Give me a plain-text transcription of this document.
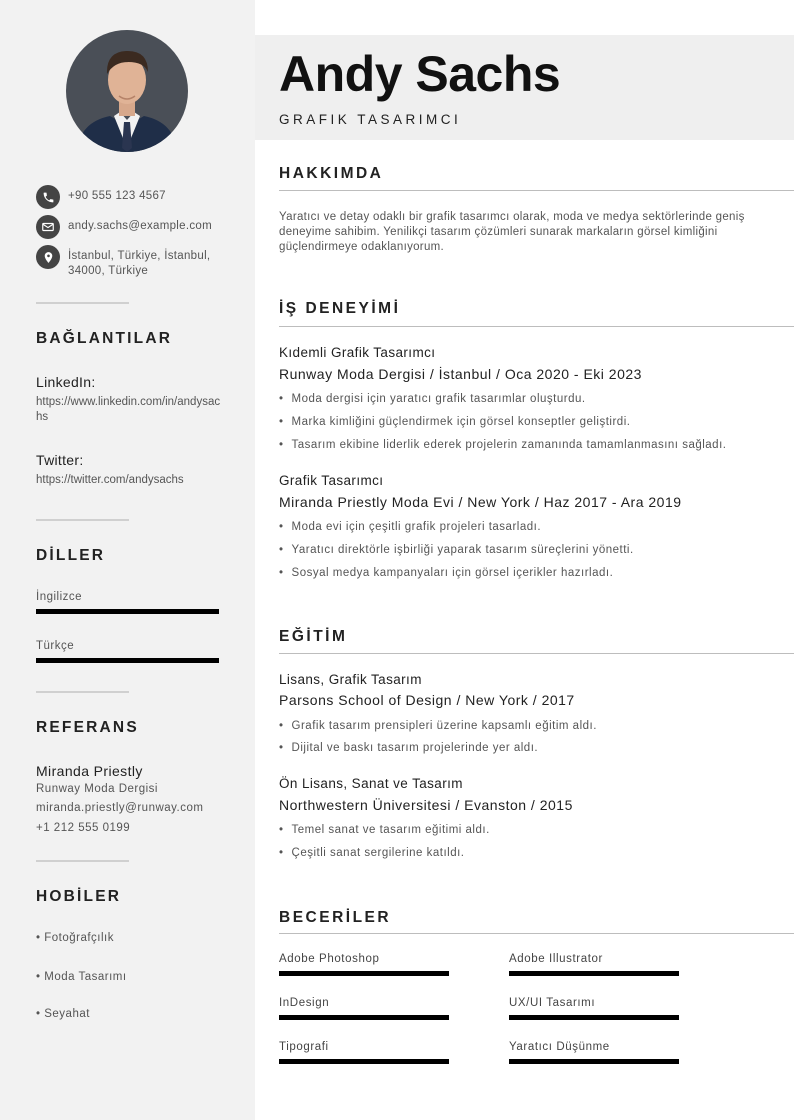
+90 555 123 4567
andy.sachs@example.com
İstanbul, Türkiye, İstanbul, 34000, Türkiye
BAĞLANTILAR
LinkedIn:
https://www.linkedin.com/in/andysachs
Twitter:
https://twitter.com/andysachs
DİLLER
İngilizce
Türkçe
REFERANS
Miranda Priestly
Runway Moda Dergisi
miranda.priestly@runway.com
+1 212 555 0199
HOBİLER
• Fotoğrafçılık
• Moda Tasarımı
• Seyahat
Andy Sachs
GRAFIK TASARIMCI
HAKKIMDA
Yaratıcı ve detay odaklı bir grafik tasarımcı olarak, moda ve medya sektörlerinde geniş deneyime sahibim. Yenilikçi tasarım çözümleri sunarak markaların görsel kimliğini güçlendirmeye odaklanıyorum.
İŞ DENEYİMİ
Kıdemli Grafik Tasarımcı
Runway Moda Dergisi / İstanbul / Oca 2020 - Eki 2023
• Moda dergisi için yaratıcı grafik tasarımlar oluşturdu.
• Marka kimliğini güçlendirmek için görsel konseptler geliştirdi.
• Tasarım ekibine liderlik ederek projelerin zamanında tamamlanmasını sağladı.
Grafik Tasarımcı
Miranda Priestly Moda Evi / New York / Haz 2017 - Ara 2019
• Moda evi için çeşitli grafik projeleri tasarladı.
• Yaratıcı direktörle işbirliği yaparak tasarım süreçlerini yönetti.
• Sosyal medya kampanyaları için görsel içerikler hazırladı.
EĞİTİM
Lisans, Grafik Tasarım
Parsons School of Design / New York / 2017
• Grafik tasarım prensipleri üzerine kapsamlı eğitim aldı.
• Dijital ve baskı tasarım projelerinde yer aldı.
Ön Lisans, Sanat ve Tasarım
Northwestern Üniversitesi / Evanston / 2015
• Temel sanat ve tasarım eğitimi aldı.
• Çeşitli sanat sergilerine katıldı.
BECERİLER
Adobe Photoshop	Adobe Illustrator
InDesign	UX/UI Tasarımı
Tipografi	Yaratıcı Düşünme
